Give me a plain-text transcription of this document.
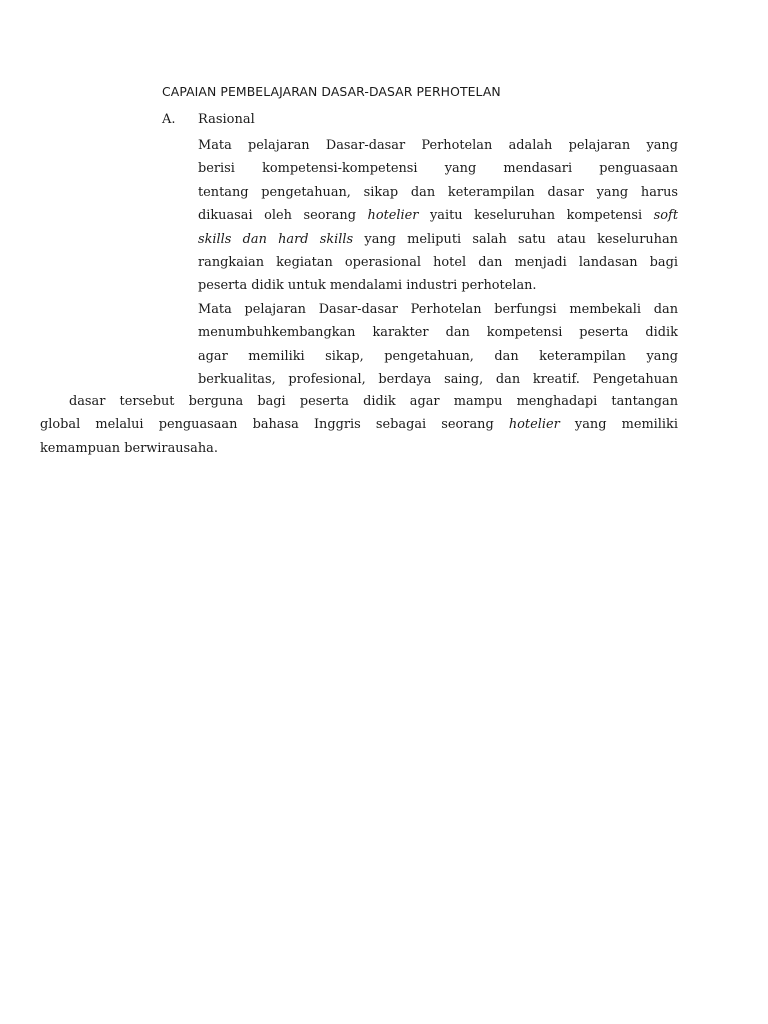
CAPAIAN PEMBELAJARAN DASAR-DASAR PERHOTELAN
A. Rasional
Mata pelajaran Dasar-dasar Perhotelan adalah pelajaran yang
berisi kompetensi-kompetensi yang mendasari penguasaan
tentang pengetahuan, sikap dan keterampilan dasar yang harus
dikuasai oleh seorang hotelier yaitu keseluruhan kompetensi soft
skills dan hard skills yang meliputi salah satu atau keseluruhan
rangkaian kegiatan operasional hotel dan menjadi landasan bagi
peserta didik untuk mendalami industri perhotelan.
Mata pelajaran Dasar-dasar Perhotelan berfungsi membekali dan
menumbuhkembangkan karakter dan kompetensi peserta didik
agar memiliki sikap, pengetahuan, dan keterampilan yang
berkualitas, profesional, berdaya saing, dan kreatif. Pengetahuan
dasar tersebut berguna bagi peserta didik agar mampu menghadapi tantangan
global melalui penguasaan bahasa Inggris sebagai seorang hotelier yang memiliki
kemampuan berwirausaha.
